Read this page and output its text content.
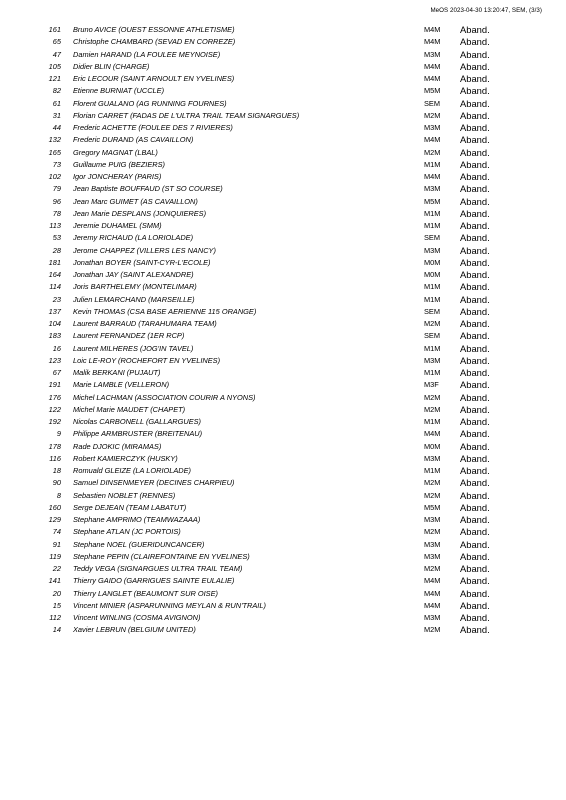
MeOS 2023-04-30 13:20:47, SEM, (3/3)
161 Bruno AVICE (OUEST ESSONNE ATHLETISME)	M4M Aband.
65 Christophe CHAMBARD (SEVAD EN CORREZE)	M4M Aband.
47 Damien HARAND (LA FOULEE MEYNOISE)	M3M Aband.
105 Didier BLIN (CHARGE)	M4M Aband.
121 Eric LECOUR (SAINT ARNOULT EN YVELINES)	M4M Aband.
82 Etienne BURNIAT (UCCLE)	M5M Aband.
61 Florent GUALANO (AG RUNNING FOURNES)	SEM Aband.
31 Florian CARRET (FADAS DE L'ULTRA TRAIL TEAM SIGNARGUES)	M2M Aband.
44 Frederic ACHETTE (FOULEE DES 7 RIVIERES)	M3M Aband.
132 Frederic DURAND (AS CAVAILLON)	M4M Aband.
165 Gregory MAGNAT (LBAL)	M2M Aband.
73 Guillaume PUIG (BEZIERS)	M1M Aband.
102 Igor JONCHERAY (PARIS)	M4M Aband.
79 Jean Baptiste BOUFFAUD (ST SO COURSE)	M3M Aband.
96 Jean Marc GUIMET (AS CAVAILLON)	M5M Aband.
78 Jean Marie DESPLANS (JONQUIERES)	M1M Aband.
113 Jeremie DUHAMEL (SMM)	M1M Aband.
53 Jeremy RICHAUD (LA LORIOLADE)	SEM Aband.
28 Jerome CHAPPEZ (VILLERS LES NANCY)	M3M Aband.
181 Jonathan BOYER (SAINT-CYR-L'ECOLE)	M0M Aband.
164 Jonathan JAY (SAINT ALEXANDRE)	M0M Aband.
114 Joris BARTHELEMY (MONTELIMAR)	M1M Aband.
23 Julien LEMARCHAND (MARSEILLE)	M1M Aband.
137 Kevin THOMAS (CSA BASE AERIENNE 115 ORANGE)	SEM Aband.
104 Laurent BARRAUD (TARAHUMARA TEAM)	M2M Aband.
183 Laurent FERNANDEZ (1ER RCP)	SEM Aband.
16 Laurent MILHERES (JOG'IN TAVEL)	M1M Aband.
123 Loic LE-ROY (ROCHEFORT EN YVELINES)	M3M Aband.
67 Malik BERKANI (PUJAUT)	M1M Aband.
191 Marie LAMBLE (VELLERON)	M3F Aband.
176 Michel LACHMAN (ASSOCIATION COURIR A NYONS)	M2M Aband.
122 Michel Marie MAUDET (CHAPET)	M2M Aband.
192 Nicolas CARBONELL (GALLARGUES)	M1M Aband.
9 Philippe ARMBRUSTER (BREITENAU)	M4M Aband.
178 Rade DJOKIC (MIRAMAS)	M0M Aband.
116 Robert KAMIERCZYK (HUSKY)	M3M Aband.
18 Romuald GLEIZE (LA LORIOLADE)	M1M Aband.
90 Samuel DINSENMEYER (DECINES CHARPIEU)	M2M Aband.
8 Sebastien NOBLET (RENNES)	M2M Aband.
160 Serge DEJEAN (TEAM LABATUT)	M5M Aband.
129 Stephane AMPRIMO (TEAMWAZAAA)	M3M Aband.
74 Stephane ATLAN (JC PORTOIS)	M2M Aband.
91 Stephane NOEL (GUERIDUNCANCER)	M3M Aband.
119 Stephane PEPIN (CLAIREFONTAINE EN YVELINES)	M3M Aband.
22 Teddy VEGA (SIGNARGUES ULTRA TRAIL TEAM)	M2M Aband.
141 Thierry GAIDO (GARRIGUES SAINTE EULALIE)	M4M Aband.
20 Thierry LANGLET (BEAUMONT SUR OISE)	M4M Aband.
15 Vincent MINIER (ASPARUNNING MEYLAN & RUN'TRAIL)	M4M Aband.
112 Vincent WINLING (COSMA AVIGNON)	M3M Aband.
14 Xavier LEBRUN (BELGIUM UNITED)	M2M Aband.
